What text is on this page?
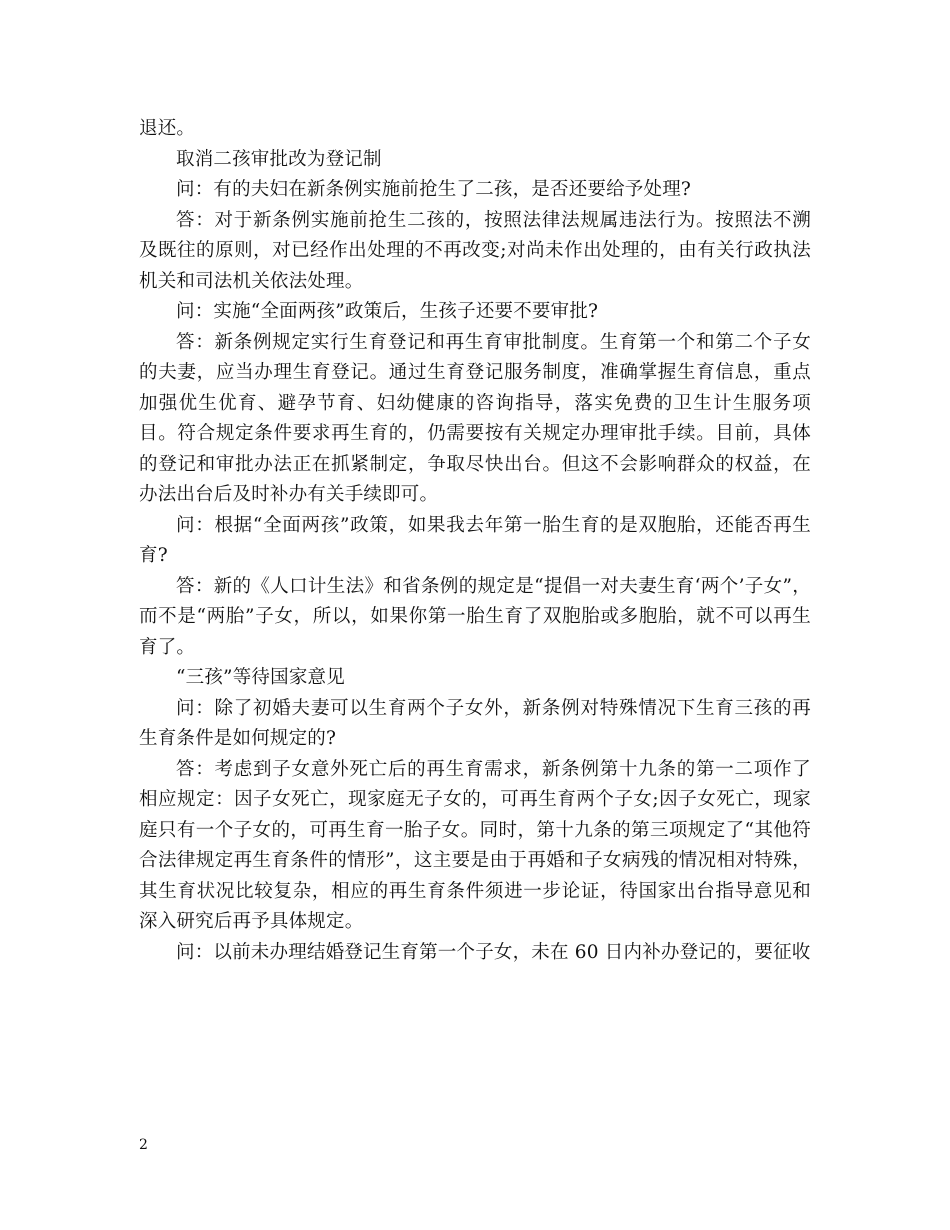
退还。

取消二孩审批改为登记制

问：有的夫妇在新条例实施前抢生了二孩，是否还要给予处理?

答：对于新条例实施前抢生二孩的，按照法律法规属违法行为。按照法不溯及既往的原则，对已经作出处理的不再改变;对尚未作出处理的，由有关行政执法机关和司法机关依法处理。

问：实施“全面两孩”政策后，生孩子还要不要审批?

答：新条例规定实行生育登记和再生育审批制度。生育第一个和第二个子女的夫妻，应当办理生育登记。通过生育登记服务制度，准确掌握生育信息，重点加强优生优育、避孕节育、妇幼健康的咨询指导，落实免费的卫生计生服务项目。符合规定条件要求再生育的，仍需要按有关规定办理审批手续。目前，具体的登记和审批办法正在抓紧制定，争取尽快出台。但这不会影响群众的权益，在办法出台后及时补办有关手续即可。

问：根据“全面两孩”政策，如果我去年第一胎生育的是双胞胎，还能否再生育?

答：新的《人口计生法》和省条例的规定是“提倡一对夫妻生育‘两个’子女”，而不是“两胎”子女，所以，如果你第一胎生育了双胞胎或多胞胎，就不可以再生育了。

“三孩”等待国家意见

问：除了初婚夫妻可以生育两个子女外，新条例对特殊情况下生育三孩的再生育条件是如何规定的?

答：考虑到子女意外死亡后的再生育需求，新条例第十九条的第一二项作了相应规定：因子女死亡，现家庭无子女的，可再生育两个子女;因子女死亡，现家庭只有一个子女的，可再生育一胎子女。同时，第十九条的第三项规定了“其他符合法律规定再生育条件的情形”，这主要是由于再婚和子女病残的情况相对特殊，其生育状况比较复杂，相应的再生育条件须进一步论证，待国家出台指导意见和深入研究后再予具体规定。

问：以前未办理结婚登记生育第一个子女，未在 60 日内补办登记的，要征收

2
